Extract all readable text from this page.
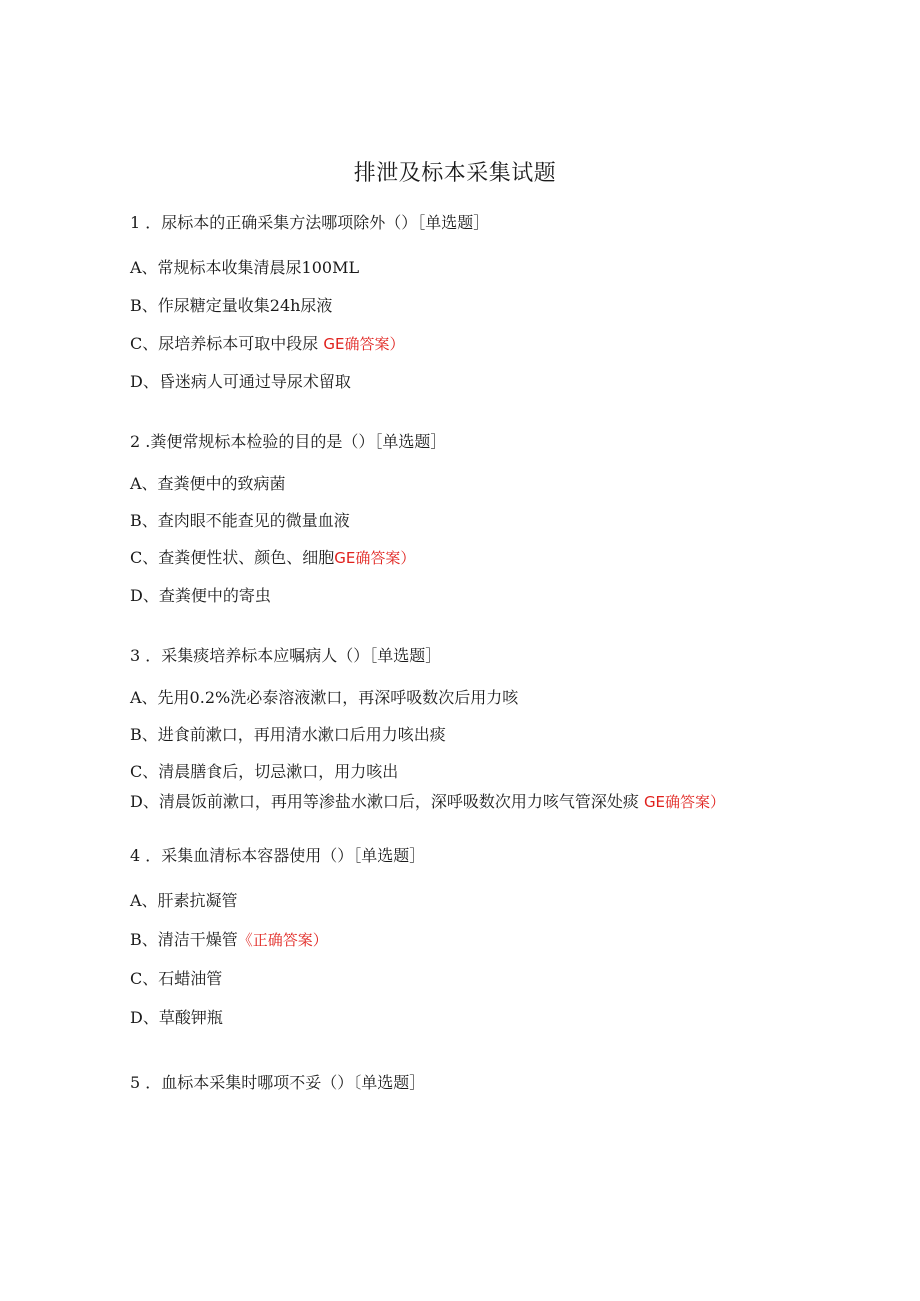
排泄及标本采集试题
1 ．尿标本的正确采集方法哪项除外（）［单选题］
A、常规标本收集清晨尿100ML
B、作尿糖定量收集24h尿液
C、尿培养标本可取中段尿 GE确答案）
D、昏迷病人可通过导尿术留取
2 .粪便常规标本检验的目的是（）［单选题］
A、查粪便中的致病菌
B、查肉眼不能查见的微量血液
C、查粪便性状、颜色、细胞GE确答案）
D、查粪便中的寄虫
3 ．采集痰培养标本应嘱病人（）［单选题］
A、先用0.2%洗必泰溶液漱口，再深呼吸数次后用力咳
B、进食前漱口，再用清水漱口后用力咳出痰
C、清晨膳食后，切忌漱口，用力咳出
D、清晨饭前漱口，再用等渗盐水漱口后，深呼吸数次用力咳气管深处痰 GE确答案）
4 ．采集血清标本容器使用（）［单选题］
A、肝素抗凝管
B、清洁干燥管《正确答案）
C、石蜡油管
D、草酸钾瓶
5 ．血标本采集时哪项不妥（）〔单选题］
